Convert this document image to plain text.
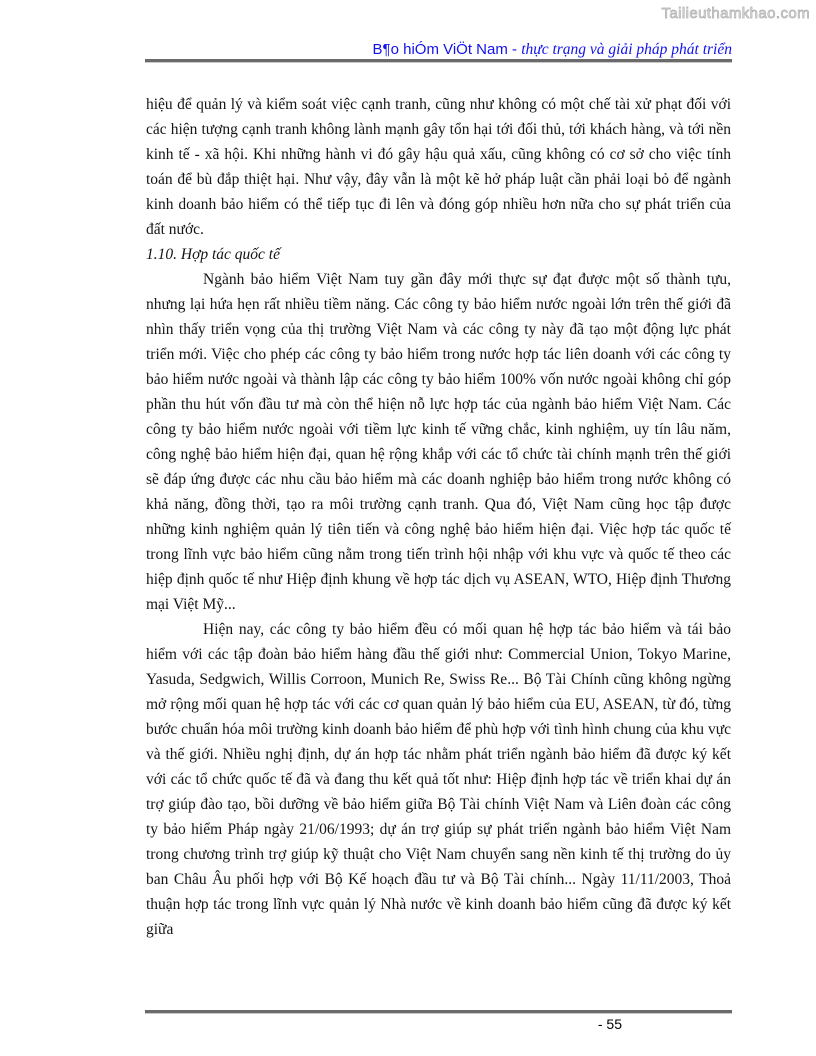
Tailieuthamkhao.com
B¶o hiÓm ViÖt Nam - thực trạng và giải pháp phát triển

hiệu để quản lý và kiểm soát việc cạnh tranh, cũng như không có một chế tài xử phạt đối với các hiện tượng cạnh tranh không lành mạnh gây tổn hại tới đối thủ, tới khách hàng, và tới nền kinh tế - xã hội. Khi những hành vi đó gây hậu quả xấu, cũng không có cơ sở cho việc tính toán để bù đắp thiệt hại. Như vậy, đây vẫn là một kẽ hở pháp luật cần phải loại bỏ để ngành kinh doanh bảo hiểm có thể tiếp tục đi lên và đóng góp nhiều hơn nữa cho sự phát triển của đất nước.

1.10. Hợp tác quốc tế

Ngành bảo hiểm Việt Nam tuy gần đây mới thực sự đạt được một số thành tựu, nhưng lại hứa hẹn rất nhiều tiềm năng. Các công ty bảo hiểm nước ngoài lớn trên thế giới đã nhìn thấy triển vọng của thị trường Việt Nam và các công ty này đã tạo một động lực phát triển mới. Việc cho phép các công ty bảo hiểm trong nước hợp tác liên doanh với các công ty bảo hiểm nước ngoài và thành lập các công ty bảo hiểm 100% vốn nước ngoài không chỉ góp phần thu hút vốn đầu tư mà còn thể hiện nỗ lực hợp tác của ngành bảo hiểm Việt Nam. Các công ty bảo hiểm nước ngoài với tiềm lực kinh tế vững chắc, kinh nghiệm, uy tín lâu năm, công nghệ bảo hiểm hiện đại, quan hệ rộng khắp với các tổ chức tài chính mạnh trên thế giới sẽ đáp ứng được các nhu cầu bảo hiểm mà các doanh nghiệp bảo hiểm trong nước không có khả năng, đồng thời, tạo ra môi trường cạnh tranh. Qua đó, Việt Nam cũng học tập được những kinh nghiệm quản lý tiên tiến và công nghệ bảo hiểm hiện đại. Việc hợp tác quốc tế trong lĩnh vực bảo hiểm cũng nằm trong tiến trình hội nhập với khu vực và quốc tế theo các hiệp định quốc tế như Hiệp định khung về hợp tác dịch vụ ASEAN, WTO, Hiệp định Thương mại Việt Mỹ...

Hiện nay, các công ty bảo hiểm đều có mối quan hệ hợp tác bảo hiểm và tái bảo hiểm với các tập đoàn bảo hiểm hàng đầu thế giới như: Commercial Union, Tokyo Marine, Yasuda, Sedgwich, Willis Corroon, Munich Re, Swiss Re... Bộ Tài Chính cũng không ngừng mở rộng mối quan hệ hợp tác với các cơ quan quản lý bảo hiểm của EU, ASEAN, từ đó, từng bước chuẩn hóa môi trường kinh doanh bảo hiểm để phù hợp với tình hình chung của khu vực và thế giới. Nhiều nghị định, dự án hợp tác nhằm phát triển ngành bảo hiểm đã được ký kết với các tổ chức quốc tế đã và đang thu kết quả tốt như: Hiệp định hợp tác về triển khai dự án trợ giúp đào tạo, bồi dưỡng về bảo hiểm giữa Bộ Tài chính Việt Nam và Liên đoàn các công ty bảo hiểm Pháp ngày 21/06/1993; dự án trợ giúp sự phát triển ngành bảo hiểm Việt Nam trong chương trình trợ giúp kỹ thuật cho Việt Nam chuyển sang nền kinh tế thị trường do ủy ban Châu Âu phối hợp với Bộ Kế hoạch đầu tư và Bộ Tài chính... Ngày 11/11/2003, Thoả thuận hợp tác trong lĩnh vực quản lý Nhà nước về kinh doanh bảo hiểm cũng đã được ký kết giữa

- 55
